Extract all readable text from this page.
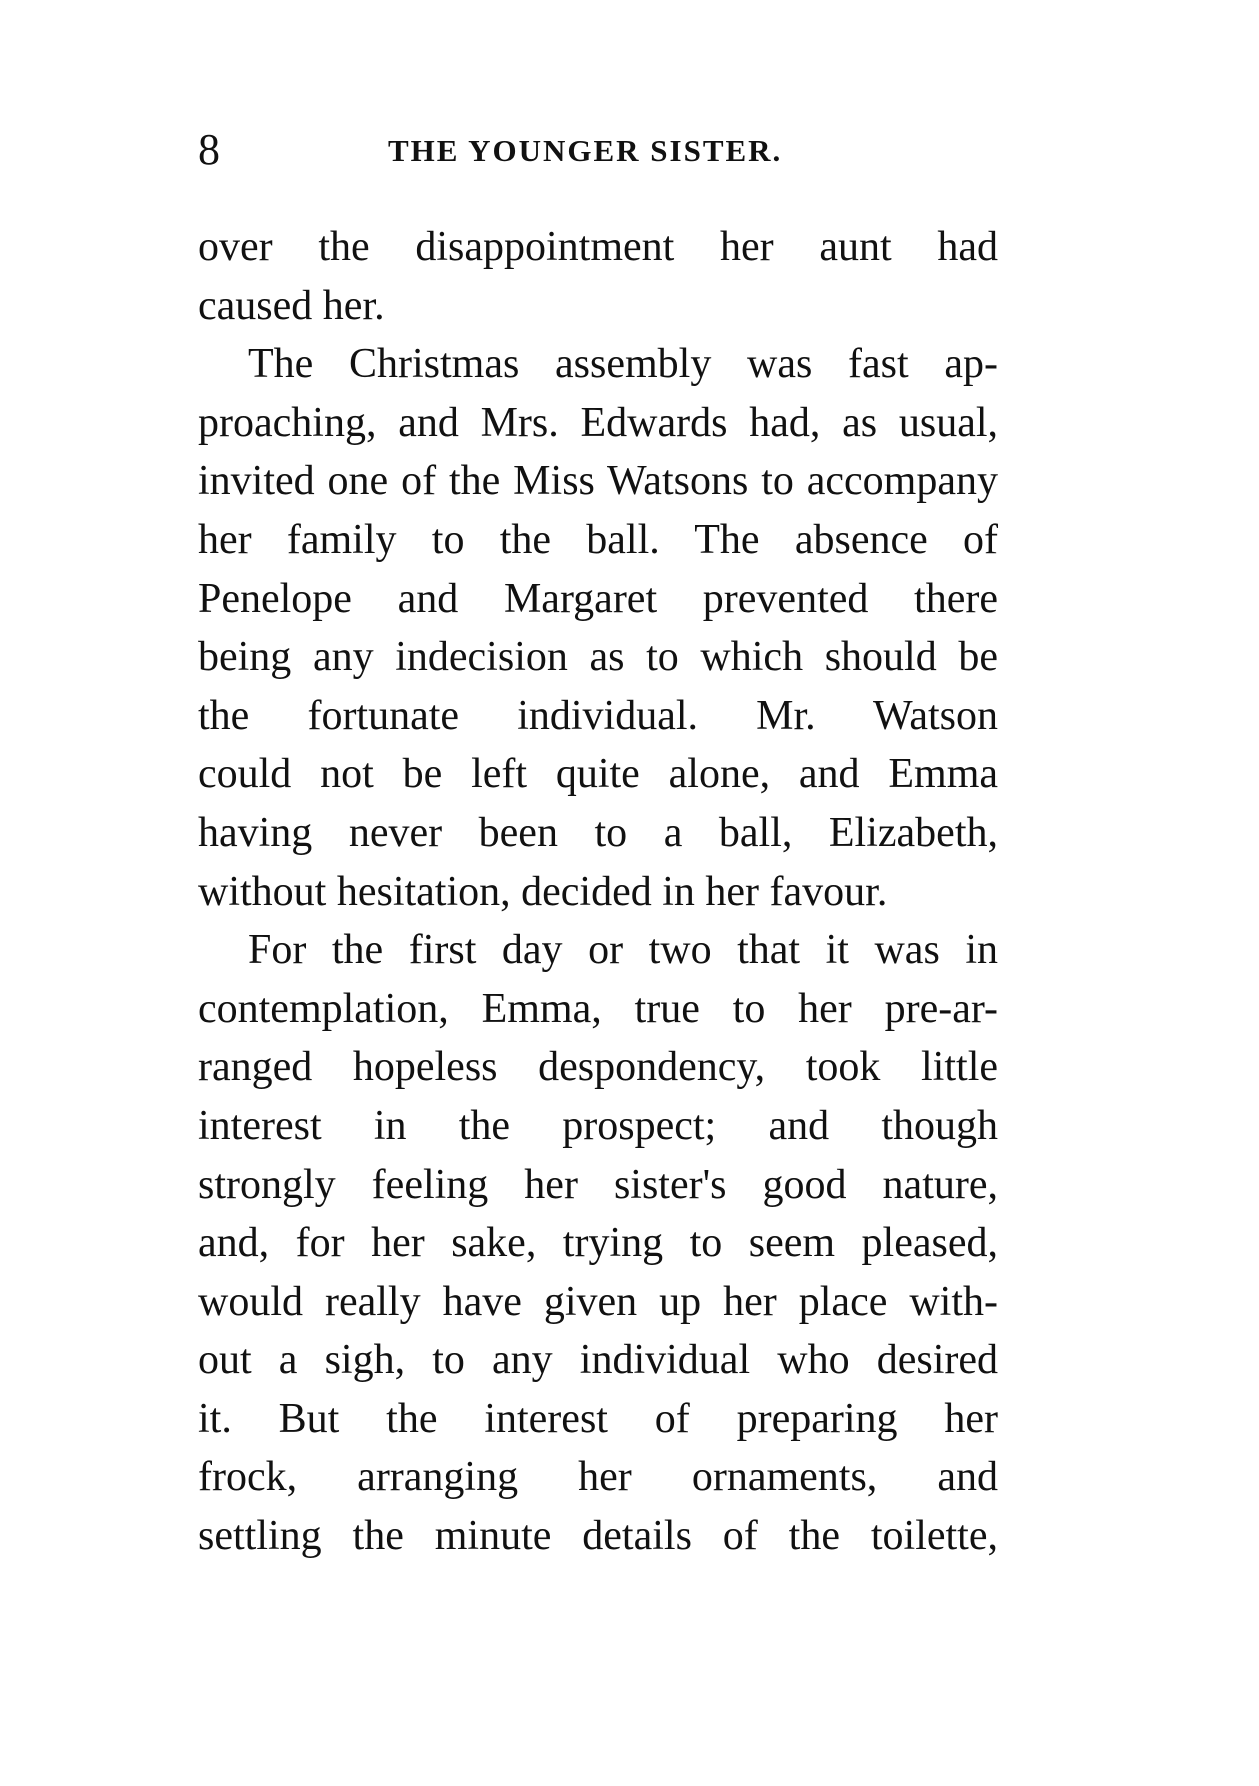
8	THE YOUNGER SISTER.
over the disappointment her aunt had
caused her.
The Christmas assembly was fast ap-
proaching, and Mrs. Edwards had, as usual,
invited one of the Miss Watsons to accompany
her family to the ball. The absence of
Penelope and Margaret prevented there
being any indecision as to which should be
the fortunate individual. Mr. Watson
could not be left quite alone, and Emma
having never been to a ball, Elizabeth,
without hesitation, decided in her favour.
For the first day or two that it was in
contemplation, Emma, true to her pre-ar-
ranged hopeless despondency, took little
interest in the prospect; and though
strongly feeling her sister's good nature,
and, for her sake, trying to seem pleased,
would really have given up her place with-
out a sigh, to any individual who desired
it. But the interest of preparing her
frock, arranging her ornaments, and
settling the minute details of the toilette,
